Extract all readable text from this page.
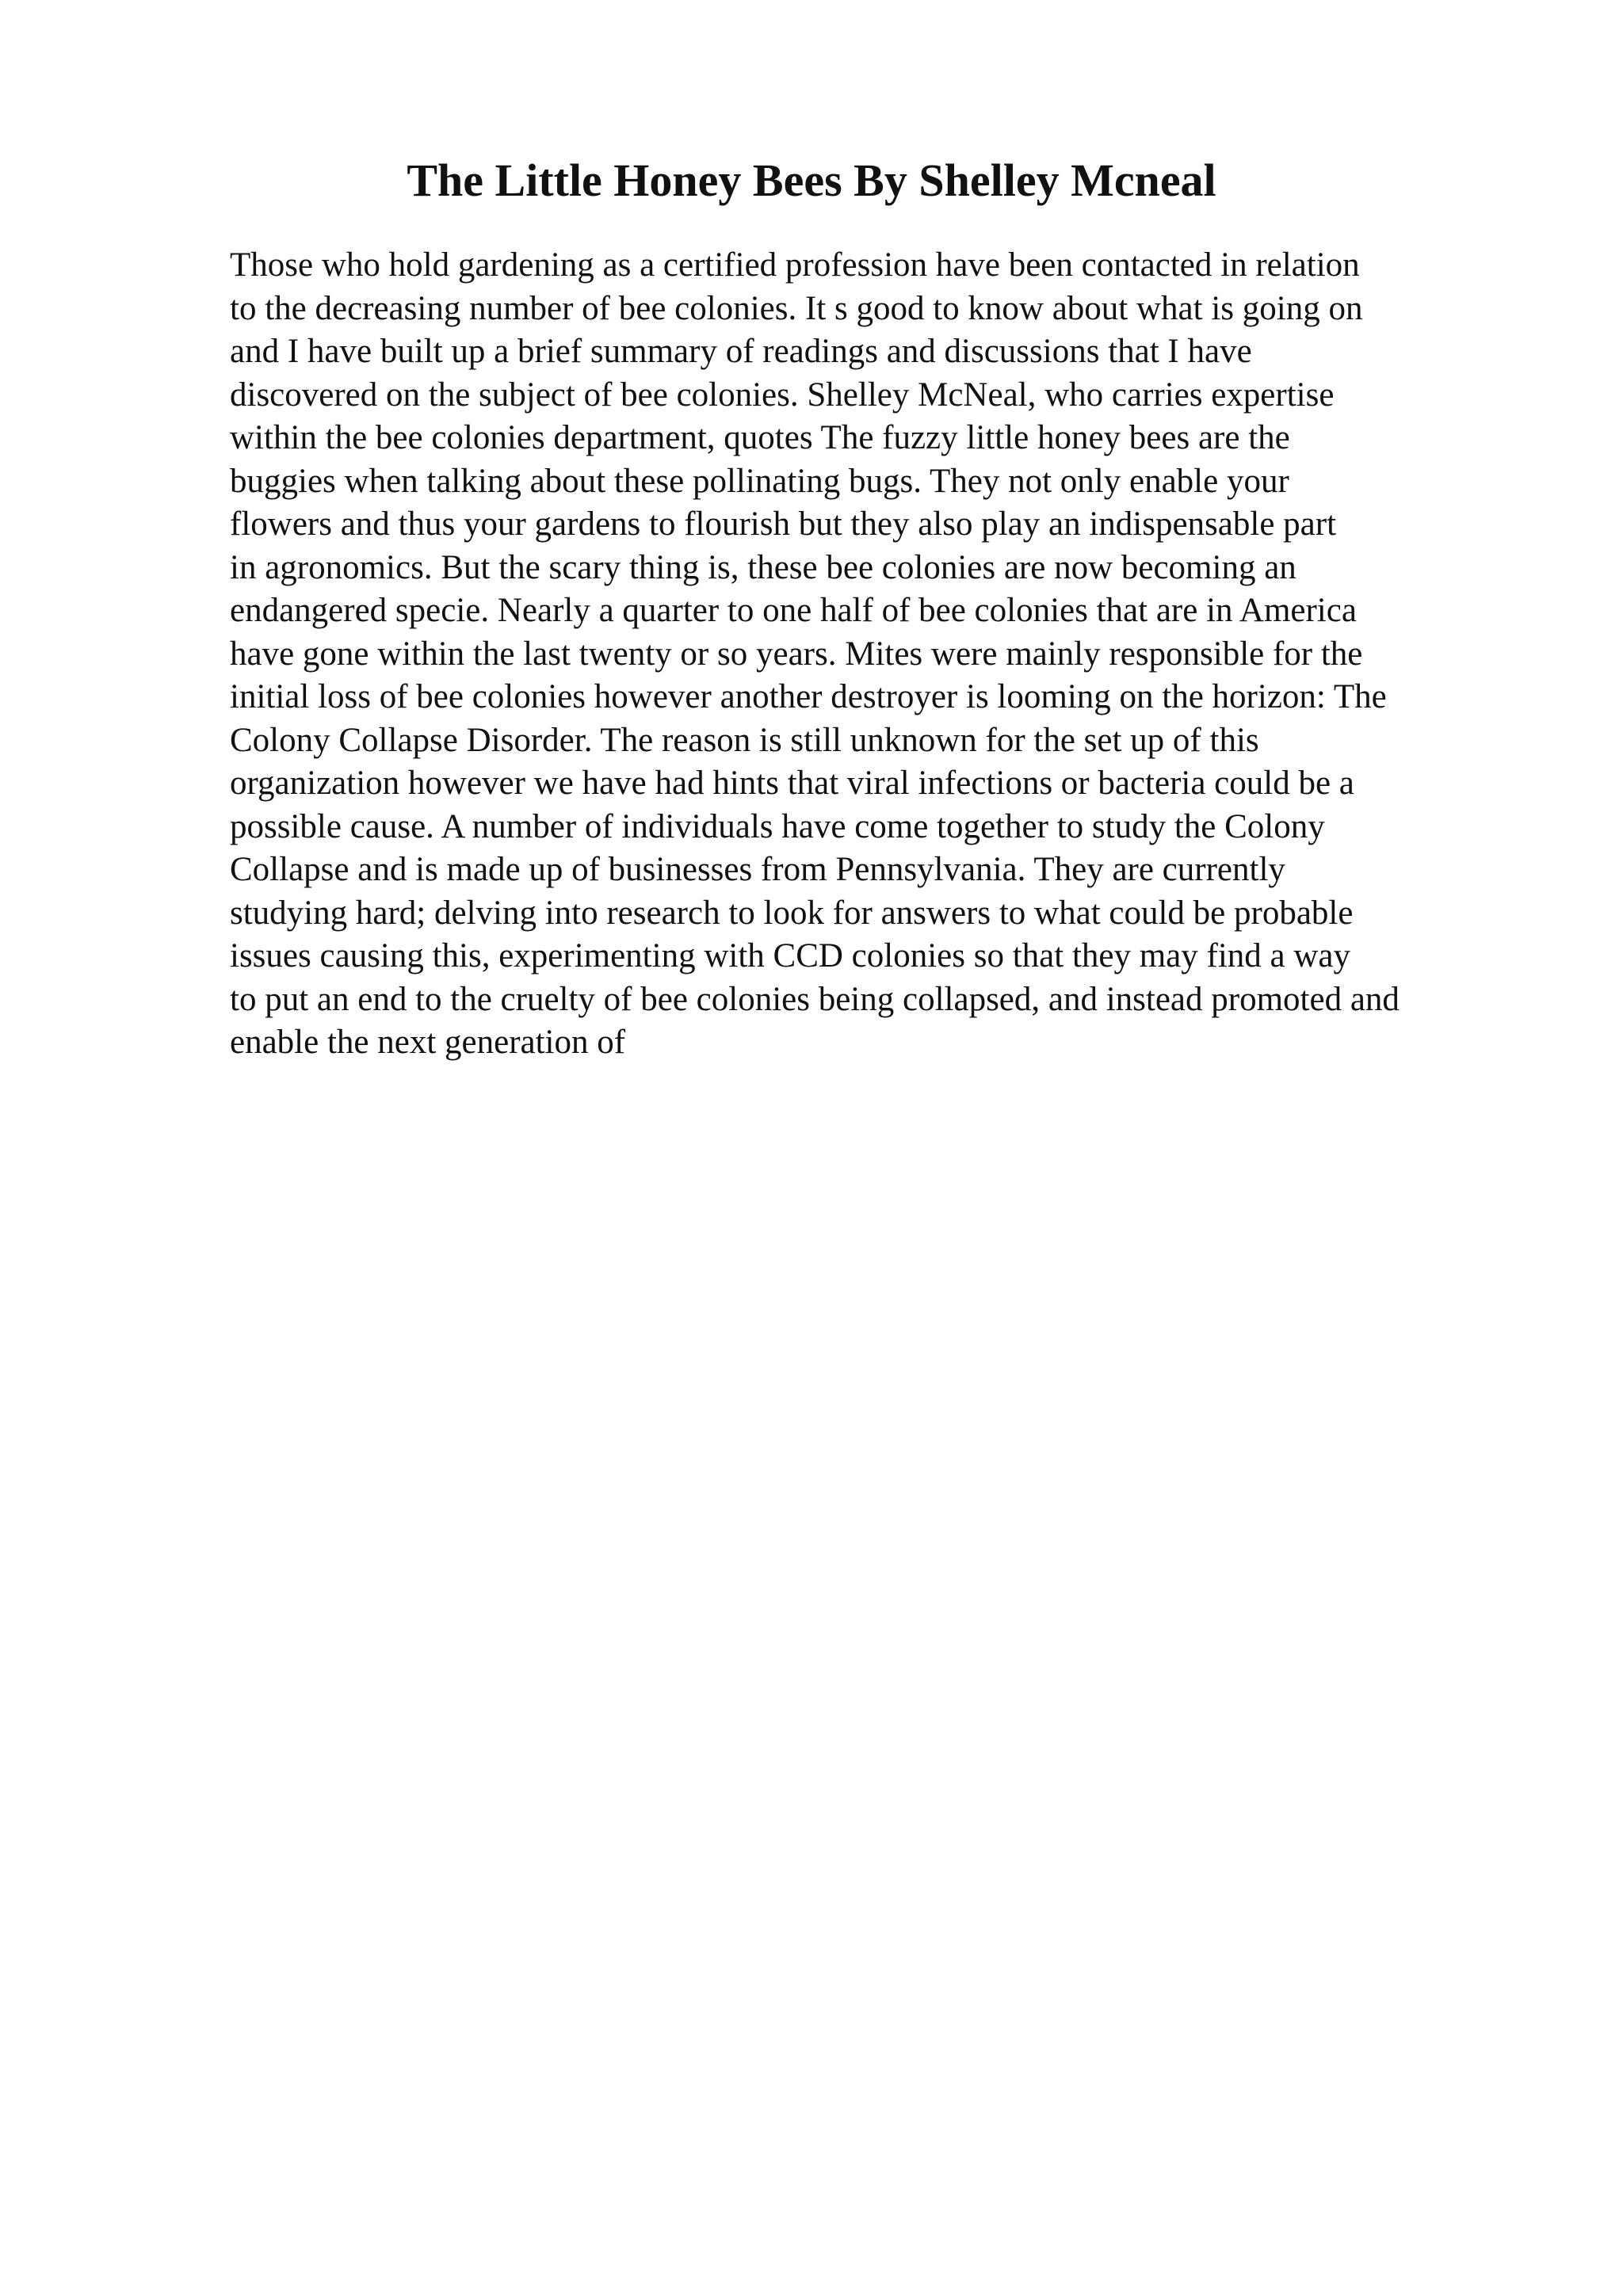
The Little Honey Bees By Shelley Mcneal
Those who hold gardening as a certified profession have been contacted in relation
to the decreasing number of bee colonies. It s good to know about what is going on
and I have built up a brief summary of readings and discussions that I have
discovered on the subject of bee colonies. Shelley McNeal, who carries expertise
within the bee colonies department, quotes The fuzzy little honey bees are the
buggies when talking about these pollinating bugs. They not only enable your
flowers and thus your gardens to flourish but they also play an indispensable part
in agronomics. But the scary thing is, these bee colonies are now becoming an
endangered specie. Nearly a quarter to one half of bee colonies that are in America
have gone within the last twenty or so years. Mites were mainly responsible for the
initial loss of bee colonies however another destroyer is looming on the horizon: The
Colony Collapse Disorder. The reason is still unknown for the set up of this
organization however we have had hints that viral infections or bacteria could be a
possible cause. A number of individuals have come together to study the Colony
Collapse and is made up of businesses from Pennsylvania. They are currently
studying hard; delving into research to look for answers to what could be probable
issues causing this, experimenting with CCD colonies so that they may find a way
to put an end to the cruelty of bee colonies being collapsed, and instead promoted and
enable the next generation of
